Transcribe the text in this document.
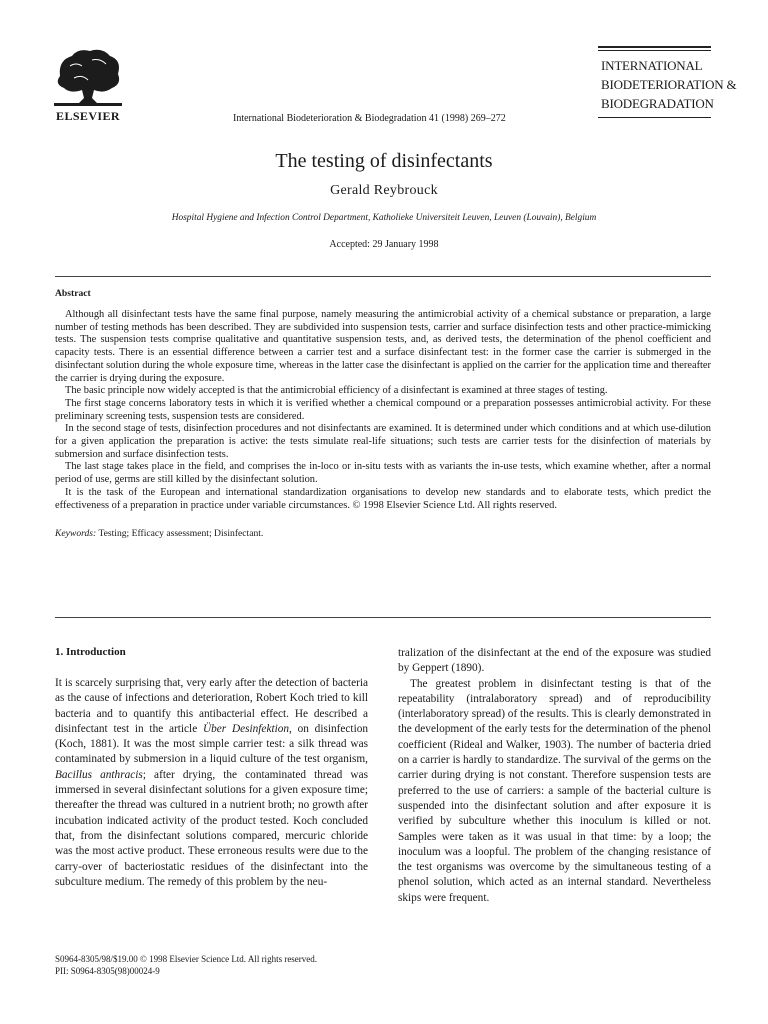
ELSEVIER	International Biodeterioration & Biodegradation 41 (1998) 269–272
INTERNATIONAL
BIODETERIORATION &
BIODEGRADATION
The testing of disinfectants
Gerald Reybrouck
Hospital Hygiene and Infection Control Department, Katholieke Universiteit Leuven, Leuven (Louvain), Belgium
Accepted: 29 January 1998
Abstract

Although all disinfectant tests have the same final purpose, namely measuring the antimicrobial activity of a chemical substance or preparation, a large number of testing methods has been described. They are subdivided into suspension tests, carrier and surface disinfection tests and other practice-mimicking tests. The suspension tests comprise qualitative and quantitative suspension tests, and, as derived tests, the determination of the phenol coefficient and capacity tests. There is an essential difference between a carrier test and a surface disinfectant test: in the former case the carrier is submerged in the disinfectant solution during the whole exposure time, whereas in the latter case the disinfectant is applied on the carrier for the application time and thereafter the carrier is drying during the exposure.

The basic principle now widely accepted is that the antimicrobial efficiency of a disinfectant is examined at three stages of testing.

The first stage concerns laboratory tests in which it is verified whether a chemical compound or a preparation possesses antimicrobial activity. For these preliminary screening tests, suspension tests are considered.

In the second stage of tests, disinfection procedures and not disinfectants are examined. It is determined under which conditions and at which use-dilution for a given application the preparation is active: the tests simulate real-life situations; such tests are carrier tests for the disinfection of materials by submersion and surface disinfection tests.

The last stage takes place in the field, and comprises the in-loco or in-situ tests with as variants the in-use tests, which examine whether, after a normal period of use, germs are still killed by the disinfectant solution.

It is the task of the European and international standardization organisations to develop new standards and to elaborate tests, which predict the effectiveness of a preparation in practice under variable circumstances. © 1998 Elsevier Science Ltd. All rights reserved.

Keywords: Testing; Efficacy assessment; Disinfectant.

1. Introduction

It is scarcely surprising that, very early after the detection of bacteria as the cause of infections and deterioration, Robert Koch tried to kill bacteria and to quantify this antibacterial effect. He described a disinfectant test in the article Über Desinfektion, on disinfection (Koch, 1881). It was the most simple carrier test: a silk thread was contaminated by submersion in a liquid culture of the test organism, Bacillus anthracis; after drying, the contaminated thread was immersed in several disinfectant solutions for a given exposure time; thereafter the thread was cultured in a nutrient broth; no growth after incubation indicated activity of the product tested. Koch concluded that, from the disinfectant solutions compared, mercuric chloride was the most active product. These erroneous results were due to the carry-over of bacteriostatic residues of the disinfectant into the subculture medium. The remedy of this problem by the neu-

tralization of the disinfectant at the end of the exposure was studied by Geppert (1890).

The greatest problem in disinfectant testing is that of the repeatability (intralaboratory spread) and of reproducibility (interlaboratory spread) of the results. This is clearly demonstrated in the development of the early tests for the determination of the phenol coefficient (Rideal and Walker, 1903). The number of bacteria dried on a carrier is hardly to standardize. The survival of the germs on the carrier during drying is not constant. Therefore suspension tests are preferred to the use of carriers: a sample of the bacterial culture is suspended into the disinfectant solution and after exposure it is verified by subculture whether this inoculum is killed or not. Samples were taken as it was usual in that time: by a loop; the inoculum was a loopful. The problem of the changing resistance of the test organisms was overcome by the simultaneous testing of a phenol solution, which acted as an internal standard. Nevertheless skips were frequent.

S0964-8305/98/$19.00 © 1998 Elsevier Science Ltd. All rights reserved.
PII: S0964-8305(98)00024-9
